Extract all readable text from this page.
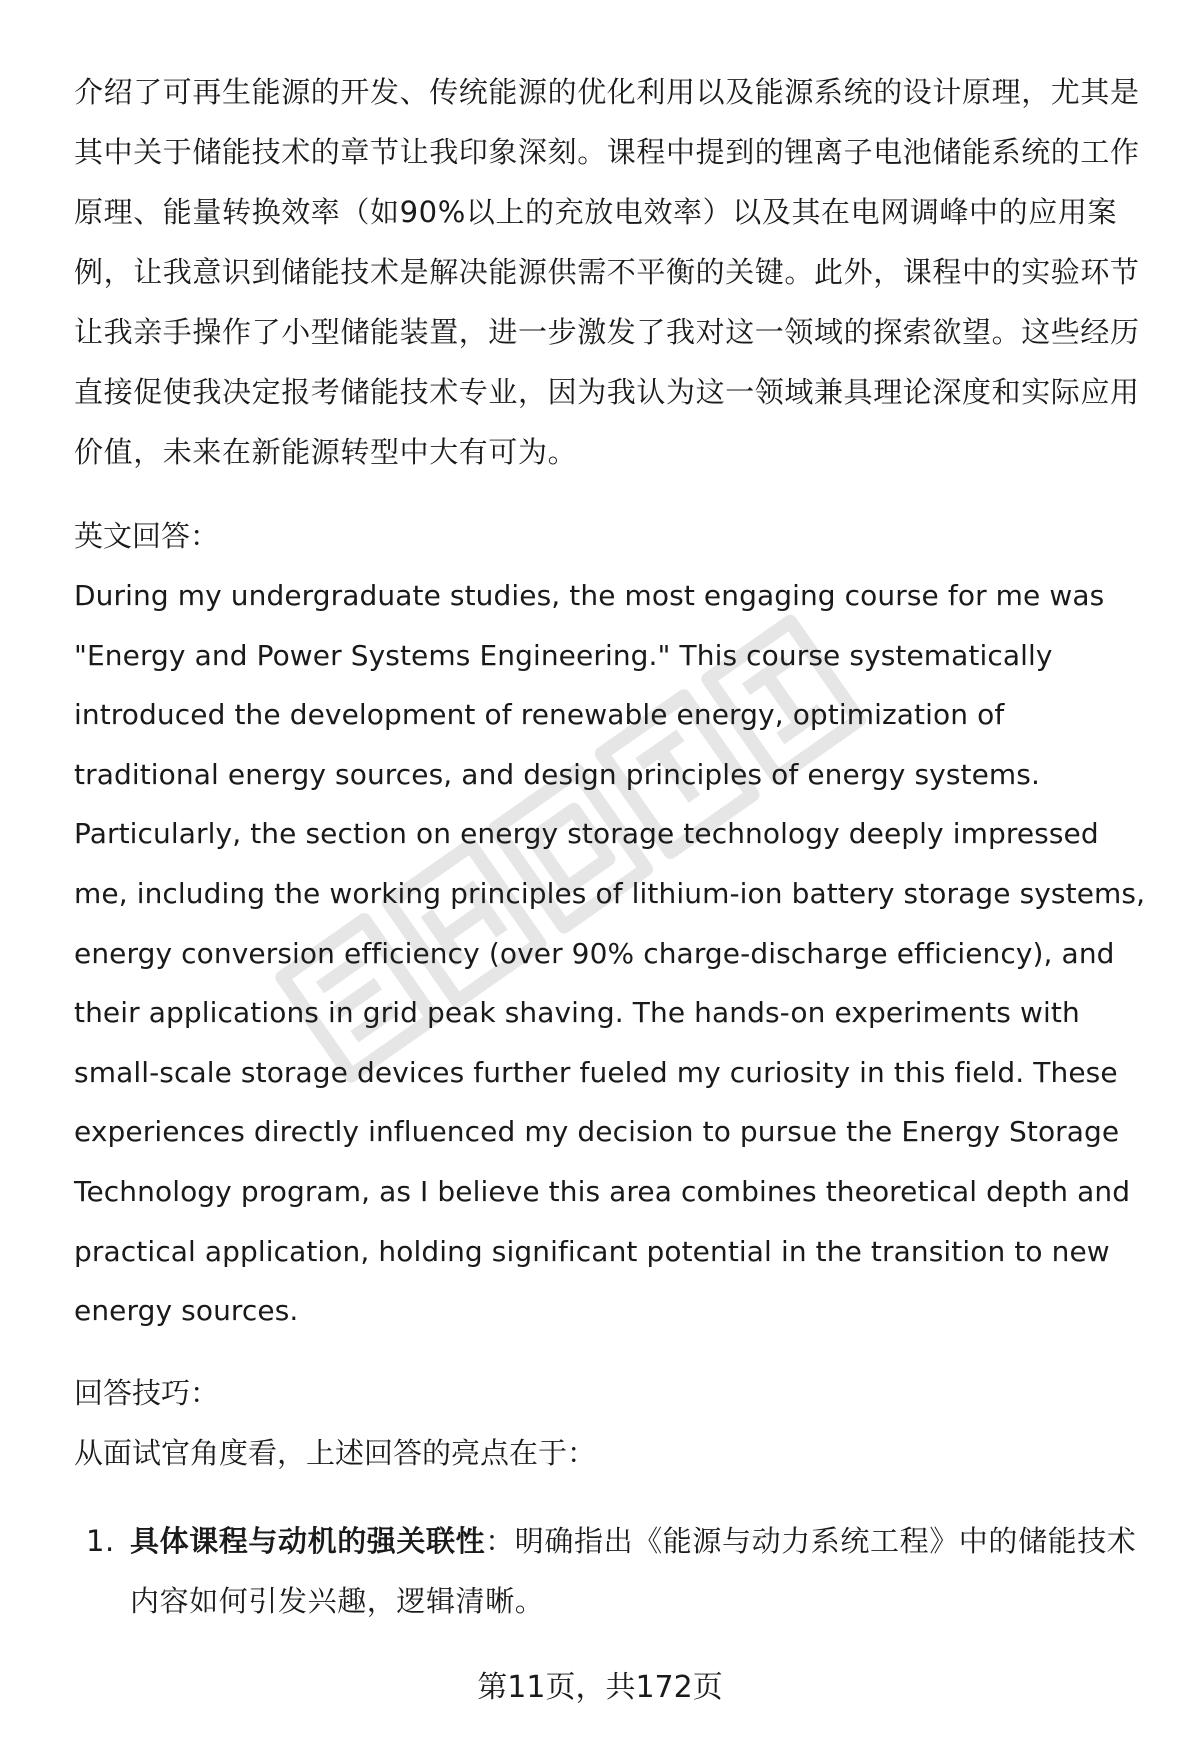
介绍了可再生能源的开发、传统能源的优化利用以及能源系统的设计原理，尤其是其中关于储能技术的章节让我印象深刻。课程中提到的锂离子电池储能系统的工作原理、能量转换效率（如90%以上的充放电效率）以及其在电网调峰中的应用案例，让我意识到储能技术是解决能源供需不平衡的关键。此外，课程中的实验环节让我亲手操作了小型储能装置，进一步激发了我对这一领域的探索欲望。这些经历直接促使我决定报考储能技术专业，因为我认为这一领域兼具理论深度和实际应用价值，未来在新能源转型中大有可为。

英文回答：

During my undergraduate studies, the most engaging course for me was "Energy and Power Systems Engineering." This course systematically introduced the development of renewable energy, optimization of traditional energy sources, and design principles of energy systems. Particularly, the section on energy storage technology deeply impressed me, including the working principles of lithium-ion battery storage systems, energy conversion efficiency (over 90% charge-discharge efficiency), and their applications in grid peak shaving. The hands-on experiments with small-scale storage devices further fueled my curiosity in this field. These experiences directly influenced my decision to pursue the Energy Storage Technology program, as I believe this area combines theoretical depth and practical application, holding significant potential in the transition to new energy sources.

回答技巧：

从面试官角度看，上述回答的亮点在于：

1. 具体课程与动机的强关联性：明确指出《能源与动力系统工程》中的储能技术内容如何引发兴趣，逻辑清晰。
第11页，共172页
